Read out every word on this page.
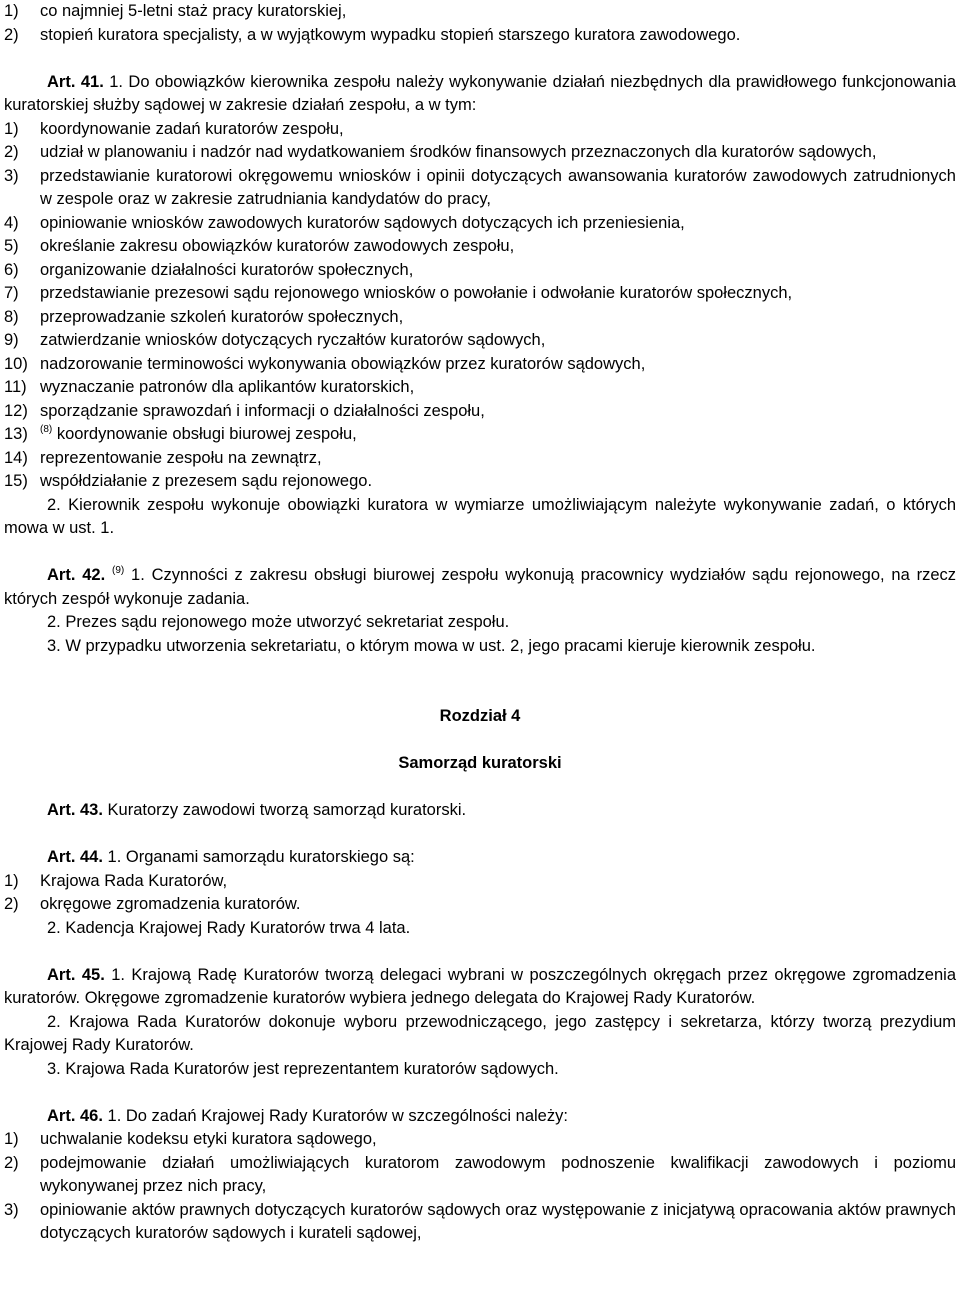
1)	co najmniej 5-letni staż pracy kuratorskiej,
2)	stopień kuratora specjalisty, a w wyjątkowym wypadku stopień starszego kuratora zawodowego.

Art. 41. 1. Do obowiązków kierownika zespołu należy wykonywanie działań niezbędnych dla prawidłowego funkcjonowania kuratorskiej służby sądowej w zakresie działań zespołu, a w tym:

1)	koordynowanie zadań kuratorów zespołu,
2)	udział w planowaniu i nadzór nad wydatkowaniem środków finansowych przeznaczonych dla kuratorów sądowych,
3)	przedstawianie kuratorowi okręgowemu wniosków i opinii dotyczących awansowania kuratorów zawodowych zatrudnionych w zespole oraz w zakresie zatrudniania kandydatów do pracy,
4)	opiniowanie wniosków zawodowych kuratorów sądowych dotyczących ich przeniesienia,
5)	określanie zakresu obowiązków kuratorów zawodowych zespołu,
6)	organizowanie działalności kuratorów społecznych,
7)	przedstawianie prezesowi sądu rejonowego wniosków o powołanie i odwołanie kuratorów społecznych,
8)	przeprowadzanie szkoleń kuratorów społecznych,
9)	zatwierdzanie wniosków dotyczących ryczałtów kuratorów sądowych,
10) nadzorowanie terminowości wykonywania obowiązków przez kuratorów sądowych,
11) wyznaczanie patronów dla aplikantów kuratorskich,
12) sporządzanie sprawozdań i informacji o działalności zespołu,
13)	$^{(8)}$ koordynowanie obsługi biurowej zespołu,
14) reprezentowanie zespołu na zewnątrz,
15) współdziałanie z prezesem sądu rejonowego.

2. Kierownik zespołu wykonuje obowiązki kuratora w wymiarze umożliwiającym należyte wykonywanie zadań, o których mowa w ust. 1.

Art. 42. $^{(9)}$ 1. Czynności z zakresu obsługi biurowej zespołu wykonują pracownicy wydziałów sądu rejonowego, na rzecz których zespół wykonuje zadania.

2. Prezes sądu rejonowego może utworzyć sekretariat zespołu.

3. W przypadku utworzenia sekretariatu, o którym mowa w ust. 2, jego pracami kieruje kierownik zespołu.

Rozdział 4

Samorząd kuratorski

Art. 43. Kuratorzy zawodowi tworzą samorząd kuratorski.

Art. 44. 1. Organami samorządu kuratorskiego są:

1)	Krajowa Rada Kuratorów,
2)	okręgowe zgromadzenia kuratorów.

2. Kadencja Krajowej Rady Kuratorów trwa 4 lata.

Art. 45. 1. Krajową Radę Kuratorów tworzą delegaci wybrani w poszczególnych okręgach przez okręgowe zgromadzenia kuratorów. Okręgowe zgromadzenie kuratorów wybiera jednego delegata do Krajowej Rady Kuratorów.

2. Krajowa Rada Kuratorów dokonuje wyboru przewodniczącego, jego zastępcy i sekretarza, którzy tworzą prezydium Krajowej Rady Kuratorów.

3. Krajowa Rada Kuratorów jest reprezentantem kuratorów sądowych.

Art. 46. 1. Do zadań Krajowej Rady Kuratorów w szczególności należy:

1)	uchwalanie kodeksu etyki kuratora sądowego,
2)	podejmowanie działań umożliwiających kuratorom zawodowym podnoszenie kwalifikacji zawodowych i poziomu wykonywanej przez nich pracy,
3)	opiniowanie aktów prawnych dotyczących kuratorów sądowych oraz występowanie z inicjatywą opracowania aktów prawnych dotyczących kuratorów sądowych i kurateli sądowej,
